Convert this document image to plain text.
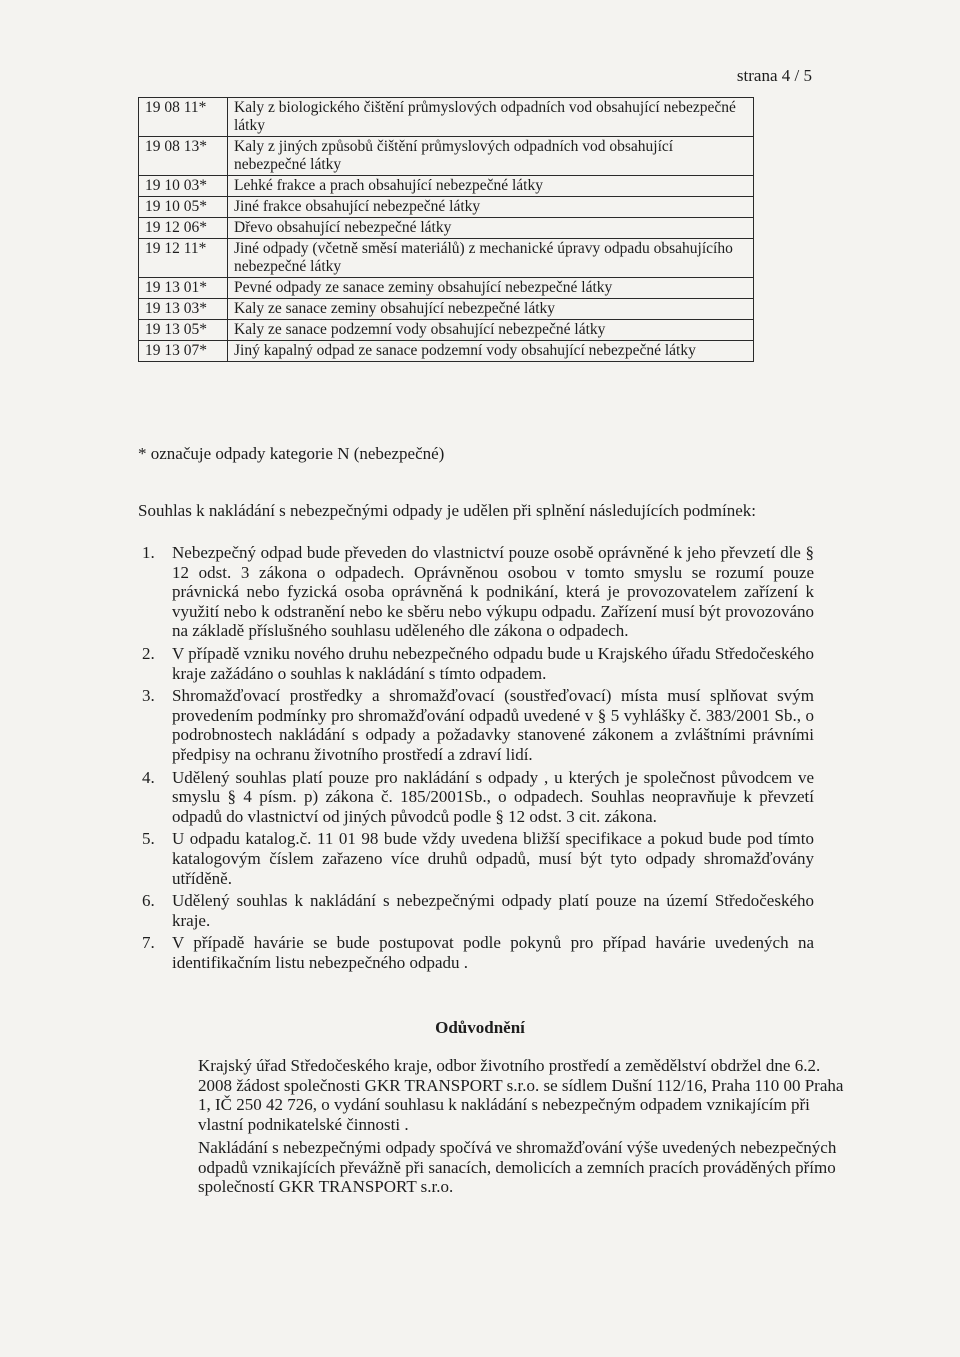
strana 4 / 5
19 08 11*	Kaly z biologického čištění průmyslových odpadních vod obsahující nebezpečné látky
19 08 13*	Kaly z jiných způsobů čištění průmyslových odpadních vod obsahující nebezpečné látky
19 10 03*	Lehké frakce a prach obsahující nebezpečné látky
19 10 05*	Jiné frakce obsahující nebezpečné látky
19 12 06*	Dřevo obsahující nebezpečné látky
19 12 11*	Jiné odpady (včetně směsí materiálů) z mechanické úpravy odpadu obsahujícího nebezpečné látky
19 13 01*	Pevné odpady ze sanace zeminy obsahující nebezpečné látky
19 13 03*	Kaly ze sanace zeminy obsahující nebezpečné látky
19 13 05*	Kaly ze sanace podzemní vody obsahující nebezpečné látky
19 13 07*	Jiný kapalný odpad ze sanace podzemní vody obsahující nebezpečné látky
* označuje odpady kategorie N (nebezpečné)
Souhlas k nakládání s nebezpečnými odpady je udělen při splnění následujících podmínek:
1. Nebezpečný odpad bude převeden do vlastnictví pouze osobě oprávněné k jeho převzetí dle § 12 odst. 3 zákona o odpadech. Oprávněnou osobou v tomto smyslu se rozumí pouze právnická nebo fyzická osoba oprávněná k podnikání, která je provozovatelem zařízení k využití nebo k odstranění nebo ke sběru nebo výkupu odpadu. Zařízení musí být provozováno na základě příslušného souhlasu uděleného dle zákona o odpadech.
2. V případě vzniku nového druhu nebezpečného odpadu bude u Krajského úřadu Středočeského kraje zažádáno o souhlas k nakládání s tímto odpadem.
3. Shromažďovací prostředky a shromažďovací (soustřeďovací) místa musí splňovat svým provedením podmínky pro shromažďování odpadů uvedené v § 5 vyhlášky č. 383/2001 Sb., o podrobnostech nakládání s odpady a požadavky stanovené zákonem a zvláštními právními předpisy na ochranu životního prostředí a zdraví lidí.
4. Udělený souhlas platí pouze pro nakládání s odpady , u kterých je společnost původcem ve smyslu § 4 písm. p) zákona č. 185/2001Sb., o odpadech. Souhlas neopravňuje k převzetí odpadů do vlastnictví od jiných původců podle § 12 odst. 3 cit. zákona.
5. U odpadu katalog.č. 11 01 98 bude vždy uvedena bližší specifikace a pokud bude pod tímto katalogovým číslem zařazeno více druhů odpadů, musí být tyto odpady shromažďovány utříděně.
6. Udělený souhlas k nakládání s nebezpečnými odpady platí pouze na území Středočeského kraje.
7. V případě havárie se bude postupovat podle pokynů pro případ havárie uvedených na identifikačním listu nebezpečného odpadu .
Odůvodnění
Krajský úřad Středočeského kraje, odbor životního prostředí a zemědělství obdržel dne 6.2. 2008 žádost společnosti GKR TRANSPORT s.r.o. se sídlem Dušní 112/16, Praha 110 00 Praha 1, IČ 250 42 726, o vydání souhlasu k nakládání s nebezpečným odpadem vznikajícím při vlastní podnikatelské činnosti .
Nakládání s nebezpečnými odpady spočívá ve shromažďování výše uvedených nebezpečných odpadů vznikajících převážně při sanacích, demolicích a zemních pracích prováděných přímo společností GKR TRANSPORT s.r.o.
